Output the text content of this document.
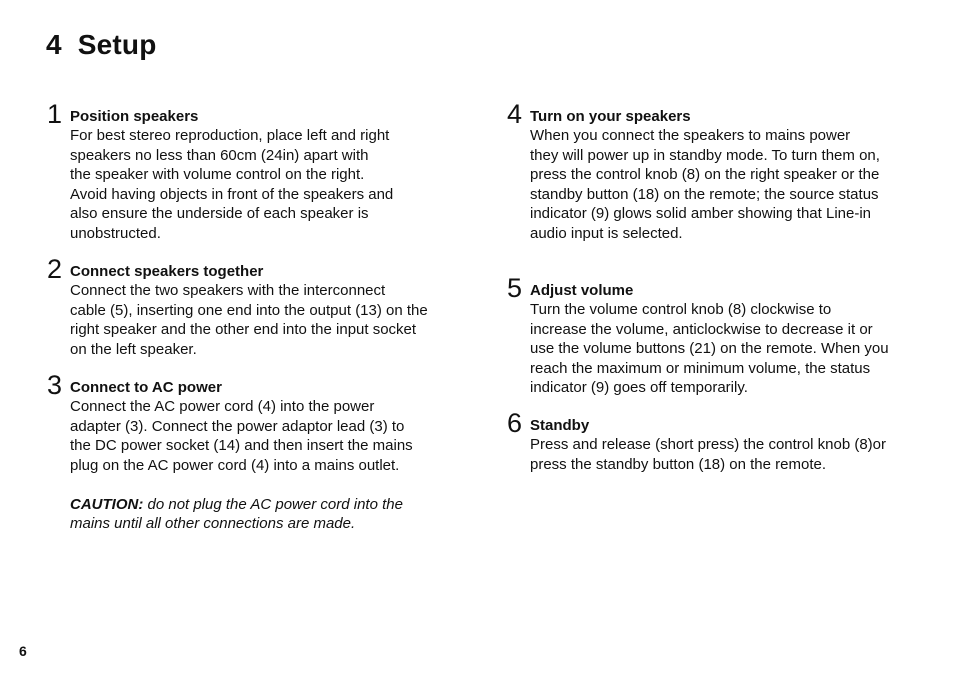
4  Setup
1 Position speakers
For best stereo reproduction, place left and right
speakers no less than 60cm (24in) apart with
the speaker with volume control on the right.
Avoid having objects in front of the speakers and
also ensure the underside of each speaker is
unobstructed.
2 Connect speakers together
Connect the two speakers with the interconnect
cable (5), inserting one end into the output (13) on the
right speaker and the other end into the input socket
on the left speaker.
3 Connect to AC power
Connect the AC power cord (4) into the power
adapter (3). Connect the power adaptor lead (3) to
the DC power socket (14) and then insert the mains
plug on the AC power cord (4) into a mains outlet.
CAUTION: do not plug the AC power cord into the
mains until all other connections are made.
4 Turn on your speakers
When you connect the speakers to mains power
they will power up in standby mode. To turn them on,
press the control knob (8) on the right speaker or the
standby button (18) on the remote; the source status
indicator (9) glows solid amber showing that Line-in
audio input is selected.
5 Adjust volume
Turn the volume control knob (8) clockwise to
increase the volume, anticlockwise to decrease it or
use the volume buttons (21) on the remote. When you
reach the maximum or minimum volume, the status
indicator (9) goes off temporarily.
6 Standby
Press and release (short press) the control knob (8)or
press the standby button (18) on the remote.
6
